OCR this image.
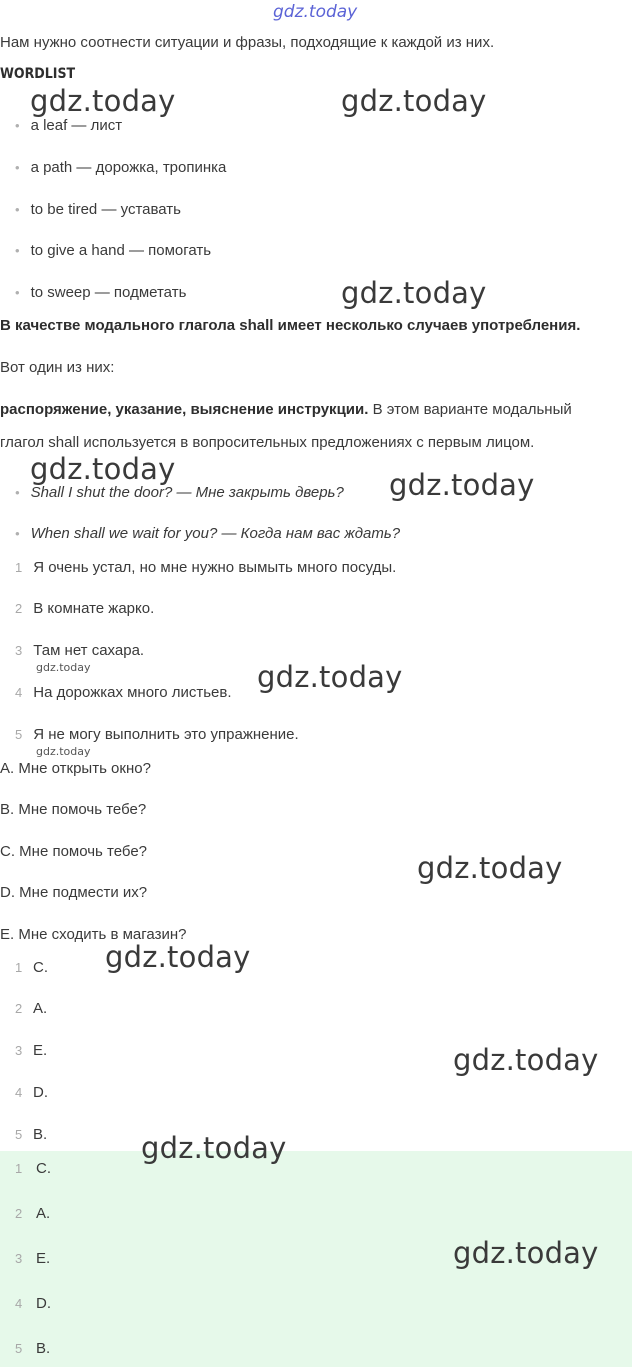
gdz.today
Нам нужно соотнести ситуации и фразы, подходящие к каждой из них.
WORDLIST
• a leaf — лист
• a path — дорожка, тропинка
• to be tired — уставать
• to give a hand — помогать
• to sweep — подметать
В качестве модального глагола shall имеет несколько случаев употребления.
Вот один из них:
распоряжение, указание, выяснение инструкции. В этом варианте модальный
глагол shall используется в вопросительных предложениях с первым лицом.
• Shall I shut the door? — Мне закрыть дверь?
• When shall we wait for you? — Когда нам вас ждать?
1 Я очень устал, но мне нужно вымыть много посуды.
2 В комнате жарко.
3 Там нет сахара.
4 На дорожках много листьев.
5 Я не могу выполнить это упражнение.
A. Мне открыть окно?
B. Мне помочь тебе?
C. Мне помочь тебе?
D. Мне подмести их?
E. Мне сходить в магазин?
1 C.
2 A.
3 E.
4 D.
5 B.
1 C.
2 A.
3 E.
4 D.
5 B.
gdz.today	gdz.today
gdz.today
gdz.today	gdz.today
gdz.today
gdz.today
gdz.today
gdz.today
gdz.today
gdz.today
gdz.today
gdz.today
